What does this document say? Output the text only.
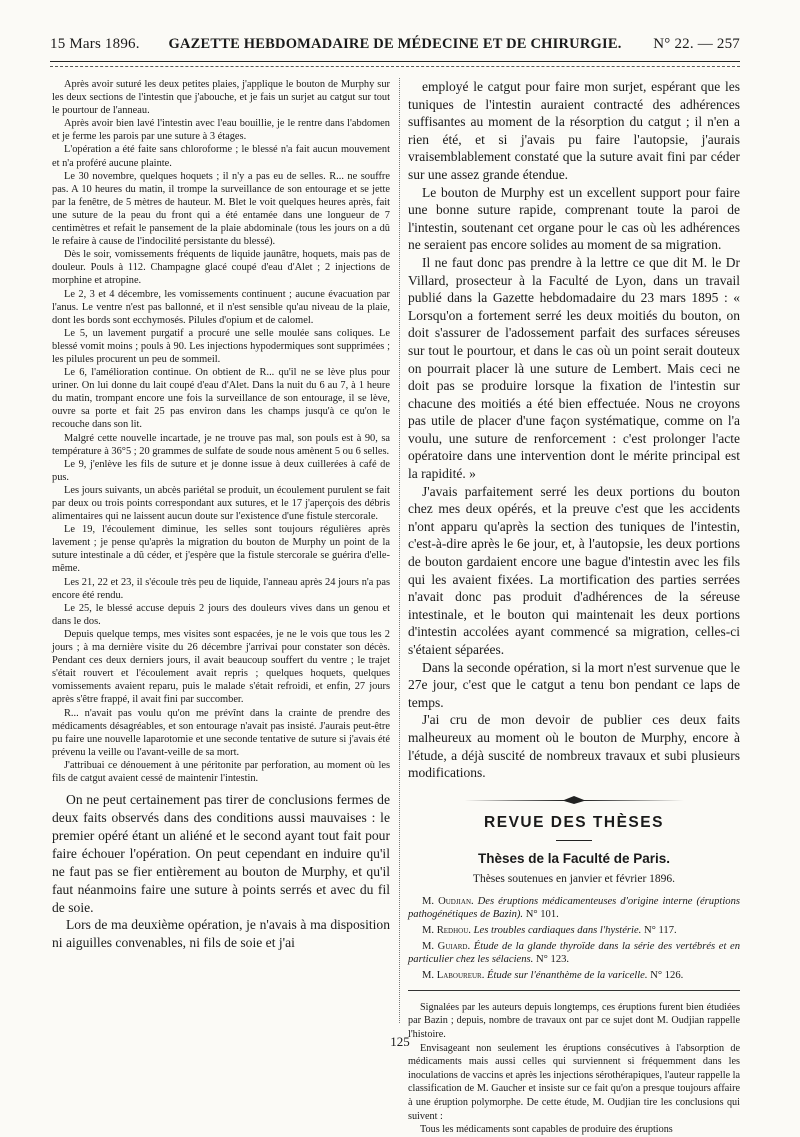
15 Mars 1896.	GAZETTE HEBDOMADAIRE DE MÉDECINE ET DE CHIRURGIE.	N° 22. — 257

Après avoir suturé les deux petites plaies, j'applique le bouton de Murphy sur les deux sections de l'intestin que j'abouche, et je fais un surjet au catgut sur tout le pourtour de l'anneau.

Après avoir bien lavé l'intestin avec l'eau bouillie, je le rentre dans l'abdomen et je ferme les parois par une suture à 3 étages.

L'opération a été faite sans chloroforme ; le blessé n'a fait aucun mouvement et n'a proféré aucune plainte.

Le 30 novembre, quelques hoquets ; il n'y a pas eu de selles. R... ne souffre pas. A 10 heures du matin, il trompe la surveillance de son entourage et se jette par la fenêtre, de 5 mètres de hauteur. M. Blet le voit quelques heures après, fait une suture de la peau du front qui a été entamée dans une longueur de 7 centimètres et refait le pansement de la plaie abdominale (tous les jours on a dû le refaire à cause de l'indocilité persistante du blessé).

Dès le soir, vomissements fréquents de liquide jaunâtre, hoquets, mais pas de douleur. Pouls à 112. Champagne glacé coupé d'eau d'Alet ; 2 injections de morphine et atropine.

Le 2, 3 et 4 décembre, les vomissements continuent ; aucune évacuation par l'anus. Le ventre n'est pas ballonné, et il n'est sensible qu'au niveau de la plaie, dont les bords sont ecchymosés. Pilules d'opium et de calomel.

Le 5, un lavement purgatif a procuré une selle moulée sans coliques. Le blessé vomit moins ; pouls à 90. Les injections hypodermiques sont supprimées ; les pilules procurent un peu de sommeil.

Le 6, l'amélioration continue. On obtient de R... qu'il ne se lève plus pour uriner. On lui donne du lait coupé d'eau d'Alet. Dans la nuit du 6 au 7, à 1 heure du matin, trompant encore une fois la surveillance de son entourage, il se lève, ouvre sa porte et fait 25 pas environ dans les champs jusqu'à ce qu'on le recouche dans son lit.

Malgré cette nouvelle incartade, je ne trouve pas mal, son pouls est à 90, sa température à 36°5 ; 20 grammes de sulfate de soude nous amènent 5 ou 6 selles.

Le 9, j'enlève les fils de suture et je donne issue à deux cuillerées à café de pus.

Les jours suivants, un abcès pariétal se produit, un écoulement purulent se fait par deux ou trois points correspondant aux sutures, et le 17 j'aperçois des débris alimentaires qui ne laissent aucun doute sur l'existence d'une fistule stercorale.

Le 19, l'écoulement diminue, les selles sont toujours régulières après lavement ; je pense qu'après la migration du bouton de Murphy un point de la suture intestinale a dû céder, et j'espère que la fistule stercorale se guérira d'elle-même.

Les 21, 22 et 23, il s'écoule très peu de liquide, l'anneau après 24 jours n'a pas encore été rendu.

Le 25, le blessé accuse depuis 2 jours des douleurs vives dans un genou et dans le dos.

Depuis quelque temps, mes visites sont espacées, je ne le vois que tous les 2 jours ; à ma dernière visite du 26 décembre j'arrivai pour constater son décès. Pendant ces deux derniers jours, il avait beaucoup souffert du ventre ; le trajet s'était rouvert et l'écoulement avait repris ; quelques hoquets, quelques vomissements avaient reparu, puis le malade s'était refroidi, et enfin, 27 jours après s'être frappé, il avait fini par succomber.

R... n'avait pas voulu qu'on me prévînt dans la crainte de prendre des médicaments désagréables, et son entourage n'avait pas insisté. J'aurais peut-être pu faire une nouvelle laparotomie et une seconde tentative de suture si j'avais été prévenu la veille ou l'avant-veille de sa mort.

J'attribuai ce dénouement à une péritonite par perforation, au moment où les fils de catgut avaient cessé de maintenir l'intestin.

On ne peut certainement pas tirer de conclusions fermes de deux faits observés dans des conditions aussi mauvaises : le premier opéré étant un aliéné et le second ayant tout fait pour faire échouer l'opération. On peut cependant en induire qu'il ne faut pas se fier entièrement au bouton de Murphy, et qu'il faut néanmoins faire une suture à points serrés et avec du fil de soie.

Lors de ma deuxième opération, je n'avais à ma disposition ni aiguilles convenables, ni fils de soie et j'ai

employé le catgut pour faire mon surjet, espérant que les tuniques de l'intestin auraient contracté des adhérences suffisantes au moment de la résorption du catgut ; il n'en a rien été, et si j'avais pu faire l'autopsie, j'aurais vraisemblablement constaté que la suture avait fini par céder sur une assez grande étendue.

Le bouton de Murphy est un excellent support pour faire une bonne suture rapide, comprenant toute la paroi de l'intestin, soutenant cet organe pour le cas où les adhérences ne seraient pas encore solides au moment de sa migration.

Il ne faut donc pas prendre à la lettre ce que dit M. le Dr Villard, prosecteur à la Faculté de Lyon, dans un travail publié dans la Gazette hebdomadaire du 23 mars 1895 : « Lorsqu'on a fortement serré les deux moitiés du bouton, on doit s'assurer de l'adossement parfait des surfaces séreuses sur tout le pourtour, et dans le cas où un point serait douteux on pourrait placer là une suture de Lembert. Mais ceci ne doit pas se produire lorsque la fixation de l'intestin sur chacune des moitiés a été bien effectuée. Nous ne croyons pas utile de placer d'une façon systématique, comme on l'a voulu, une suture de renforcement : c'est prolonger l'acte opératoire dans une intervention dont le mérite principal est la rapidité. »

J'avais parfaitement serré les deux portions du bouton chez mes deux opérés, et la preuve c'est que les accidents n'ont apparu qu'après la section des tuniques de l'intestin, c'est-à-dire après le 6e jour, et, à l'autopsie, les deux portions de bouton gardaient encore une bague d'intestin avec les fils qui les avaient fixées. La mortification des parties serrées n'avait donc pas produit d'adhérences de la séreuse intestinale, et le bouton qui maintenait les deux portions d'intestin accolées ayant commencé sa migration, celles-ci s'étaient séparées.

Dans la seconde opération, si la mort n'est survenue que le 27e jour, c'est que le catgut a tenu bon pendant ce laps de temps.

J'ai cru de mon devoir de publier ces deux faits malheureux au moment où le bouton de Murphy, encore à l'étude, a déjà suscité de nombreux travaux et subi plusieurs modifications.

REVUE DES THÈSES
Thèses de la Faculté de Paris.
Thèses soutenues en janvier et février 1896.
M. Oudjian. Des éruptions médicamenteuses d'origine interne (éruptions pathogénétiques de Bazin). N° 101.
M. Redhou. Les troubles cardiaques dans l'hystérie. N° 117.
M. Guiard. Étude de la glande thyroïde dans la série des vertébrés et en particulier chez les sélaciens. N° 123.
M. Laboureur. Étude sur l'énanthème de la varicelle. N° 126.

Signalées par les auteurs depuis longtemps, ces éruptions furent bien étudiées par Bazin ; depuis, nombre de travaux ont par ce sujet dont M. Oudjian rappelle l'histoire.

Envisageant non seulement les éruptions consécutives à l'absorption de médicaments mais aussi celles qui surviennent si fréquemment dans les inoculations de vaccins et après les injections sérothérapiques, l'auteur rappelle la classification de M. Gaucher et insiste sur ce fait qu'on a presque toujours affaire à une éruption polymorphe. De cette étude, M. Oudjian tire les conclusions qui suivent :

Tous les médicaments sont capables de produire des éruptions

125
